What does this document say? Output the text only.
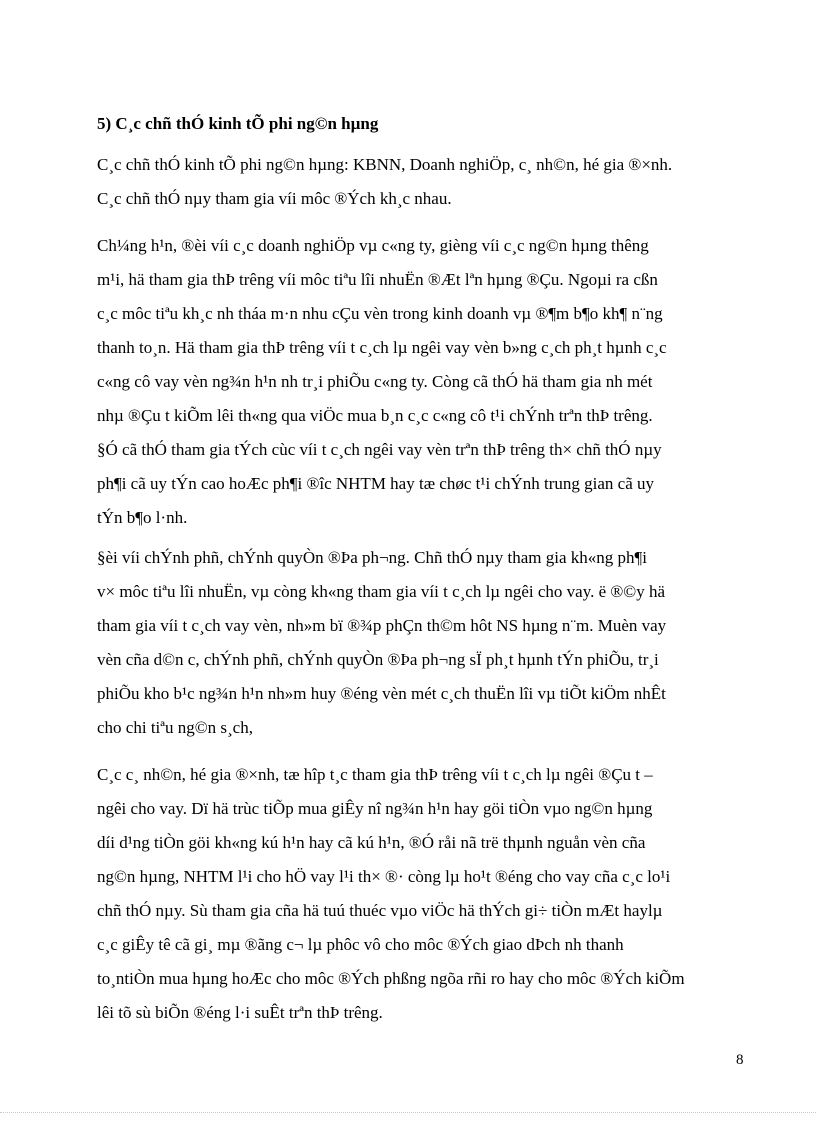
5) C¸c chñ thÓ kinh tÕ phi ng©n hµng

C¸c chñ thÓ kinh tÕ phi ng©n hµng: KBNN, Doanh nghiÖp, c¸ nh©n, hé gia ®×nh.
C¸c chñ thÓ nµy tham gia víi môc ®Ých kh¸c nhau.

Ch¼ng h¹n, ®èi víi c¸c doanh nghiÖp vµ c«ng ty, gièng víi c¸c ng©n hµng thêng
m¹i, hä tham gia thÞ trêng víi môc tiªu lîi nhuËn ®Æt lªn hµng ®Çu. Ngoµi ra cßn
c¸c môc tiªu kh¸c nh tháa m·n nhu cÇu vèn trong kinh doanh vµ ®¶m b¶o kh¶ n¨ng
thanh to¸n. Hä tham gia thÞ trêng víi t c¸ch lµ ngêi vay vèn b»ng c¸ch ph¸t hµnh c¸c
c«ng cô vay vèn ng¾n h¹n nh tr¸i phiÕu c«ng ty. Còng cã thÓ hä tham gia nh mét
nhµ ®Çu t kiÕm lêi th«ng qua viÖc mua b¸n c¸c c«ng cô t¹i chÝnh trªn thÞ trêng.
§Ó cã thÓ tham gia tÝch cùc víi t c¸ch ngêi vay vèn trªn thÞ trêng th× chñ thÓ nµy
ph¶i cã uy tÝn cao hoÆc ph¶i ®îc NHTM hay tæ chøc t¹i chÝnh trung gian cã uy
tÝn b¶o l·nh.

§èi víi chÝnh phñ, chÝnh quyÒn ®Þa ph¬ng. Chñ thÓ nµy tham gia kh«ng ph¶i
v× môc tiªu lîi nhuËn, vµ còng kh«ng tham gia víi t c¸ch lµ ngêi cho vay. ë ®©y hä
tham gia víi t c¸ch vay vèn, nh»m bï ®¾p phÇn th©m hôt NS hµng n¨m. Muèn vay
vèn cña d©n c, chÝnh phñ, chÝnh quyÒn ®Þa ph¬ng sÏ ph¸t hµnh tÝn phiÕu, tr¸i
phiÕu kho b¹c ng¾n h¹n nh»m huy ®éng vèn mét c¸ch thuËn lîi vµ tiÕt kiÖm nhÊt
cho chi tiªu ng©n s¸ch,

C¸c c¸ nh©n, hé gia ®×nh, tæ hîp t¸c tham gia thÞ trêng víi t c¸ch lµ ngêi ®Çu t –
ngêi cho vay. Dï hä trùc tiÕp mua giÊy nî ng¾n h¹n hay göi tiÒn vµo ng©n hµng
díi d¹ng tiÒn göi kh«ng kú h¹n hay cã kú h¹n, ®Ó råi nã trë thµnh nguån vèn cña
ng©n hµng, NHTM l¹i cho hÖ vay l¹i th× ®· còng lµ ho¹t ®éng cho vay cña c¸c lo¹i
chñ thÓ nµy. Sù tham gia cña hä tuú thuéc vµo viÖc hä thÝch gi÷ tiÒn mÆt haylµ
c¸c giÊy tê cã gi¸ mµ ®ãng c¬ lµ phôc vô cho môc ®Ých giao dÞch nh thanh
to¸ntiÒn mua hµng hoÆc cho môc ®Ých phßng ngõa rñi ro hay cho môc ®Ých kiÕm
lêi tõ sù biÕn ®éng l·i suÊt trªn thÞ trêng.

8
